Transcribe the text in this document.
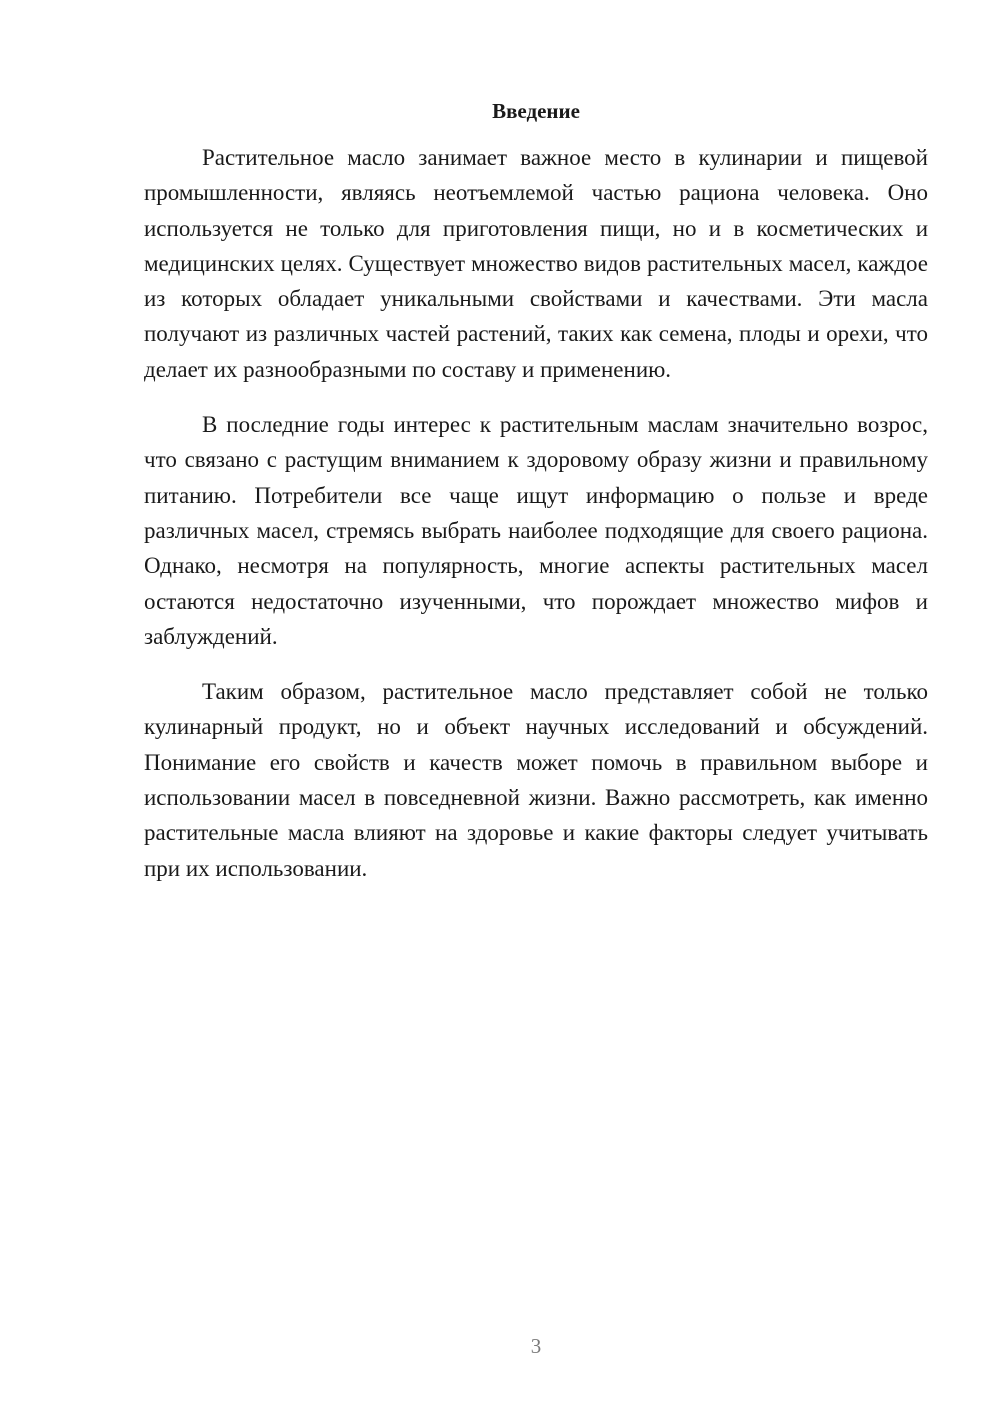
Введение

Растительное масло занимает важное место в кулинарии и пищевой промышленности, являясь неотъемлемой частью рациона человека. Оно используется не только для приготовления пищи, но и в косметических и медицинских целях. Существует множество видов растительных масел, каждое из которых обладает уникальными свойствами и качествами. Эти масла получают из различных частей растений, таких как семена, плоды и орехи, что делает их разнообразными по составу и применению.

В последние годы интерес к растительным маслам значительно возрос, что связано с растущим вниманием к здоровому образу жизни и правильному питанию. Потребители все чаще ищут информацию о пользе и вреде различных масел, стремясь выбрать наиболее подходящие для своего рациона. Однако, несмотря на популярность, многие аспекты растительных масел остаются недостаточно изученными, что порождает множество мифов и заблуждений.

Таким образом, растительное масло представляет собой не только кулинарный продукт, но и объект научных исследований и обсуждений. Понимание его свойств и качеств может помочь в правильном выборе и использовании масел в повседневной жизни. Важно рассмотреть, как именно растительные масла влияют на здоровье и какие факторы следует учитывать при их использовании.

3
